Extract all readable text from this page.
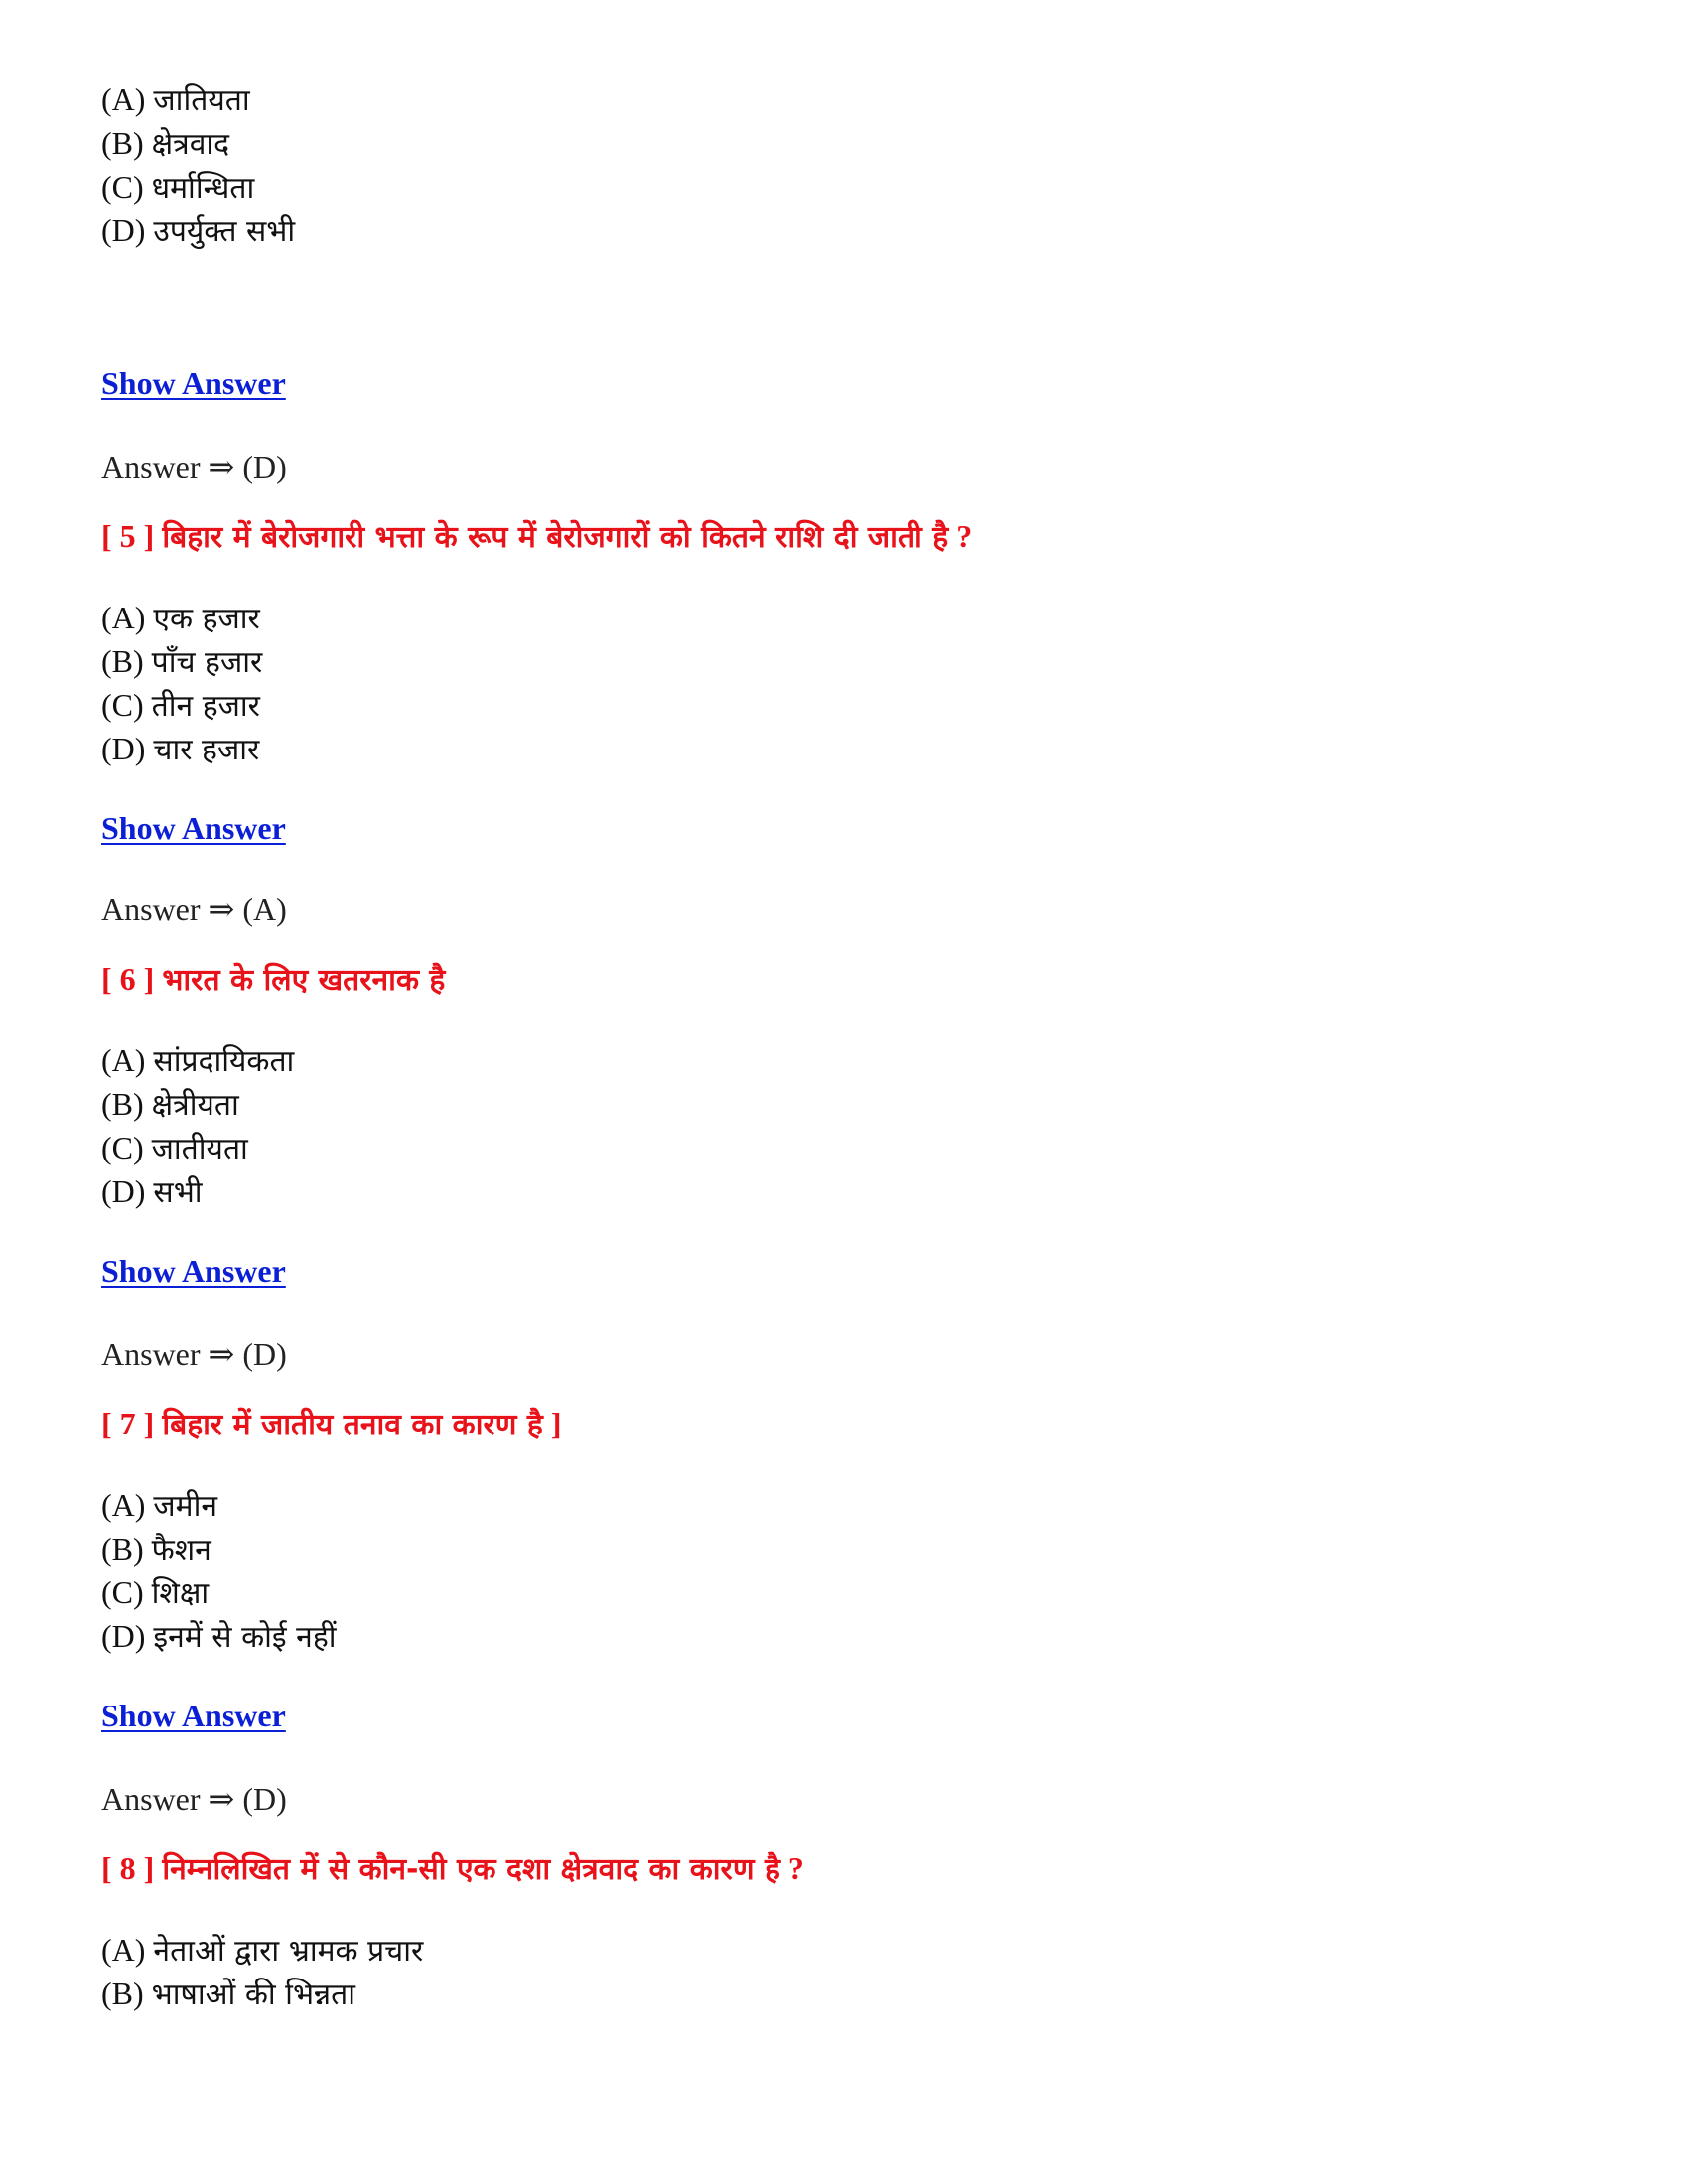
(A) जातियता
(B) क्षेत्रवाद
(C) धर्मान्धिता
(D) उपर्युक्त सभी
Show Answer
Answer ⇒ (D)
[ 5 ] बिहार में बेरोजगारी भत्ता के रूप में बेरोजगारों को कितने राशि दी जाती है ?
(A) एक हजार
(B) पाँच हजार
(C) तीन हजार
(D) चार हजार
Show Answer
Answer ⇒ (A)
[ 6 ] भारत के लिए खतरनाक है
(A) सांप्रदायिकता
(B) क्षेत्रीयता
(C) जातीयता
(D) सभी
Show Answer
Answer ⇒ (D)
[ 7 ] बिहार में जातीय तनाव का कारण है ]
(A) जमीन
(B) फैशन
(C) शिक्षा
(D) इनमें से कोई नहीं
Show Answer
Answer ⇒ (D)
[ 8 ] निम्नलिखित में से कौन-सी एक दशा क्षेत्रवाद का कारण है ?
(A) नेताओं द्वारा भ्रामक प्रचार
(B) भाषाओं की भिन्नता
